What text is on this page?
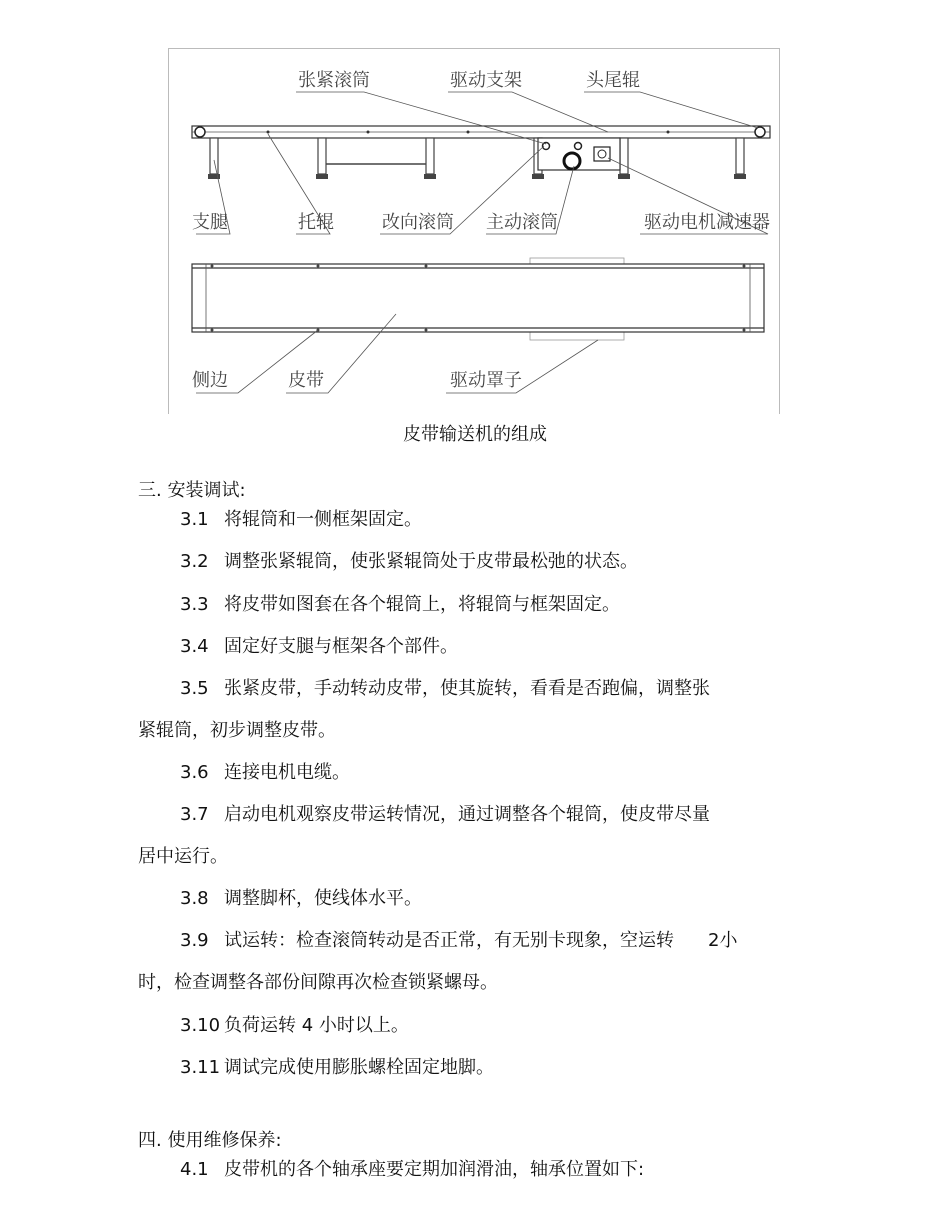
张紧滚筒	驱动支架	头尾辊
支腿	托辊	改向滚筒 主动滚筒	驱动电机减速器
侧边	皮带	驱动罩子
皮带输送机的组成
三. 安装调试:
3.1 将辊筒和一侧框架固定。
3.2 调整张紧辊筒，使张紧辊筒处于皮带最松弛的状态。
3.3 将皮带如图套在各个辊筒上，将辊筒与框架固定。
3.4 固定好支腿与框架各个部件。
3.5 张紧皮带，手动转动皮带，使其旋转，看看是否跑偏，调整张
紧辊筒，初步调整皮带。
3.6 连接电机电缆。
3.7 启动电机观察皮带运转情况，通过调整各个辊筒，使皮带尽量
居中运行。
3.8 调整脚杯，使线体水平。
3.9 试运转：检查滚筒转动是否正常，有无别卡现象，空运转 2小
时，检查调整各部份间隙再次检查锁紧螺母。
3.10 负荷运转 4 小时以上。
3.11 调试完成使用膨胀螺栓固定地脚。
四. 使用维修保养:
4.1 皮带机的各个轴承座要定期加润滑油，轴承位置如下:
